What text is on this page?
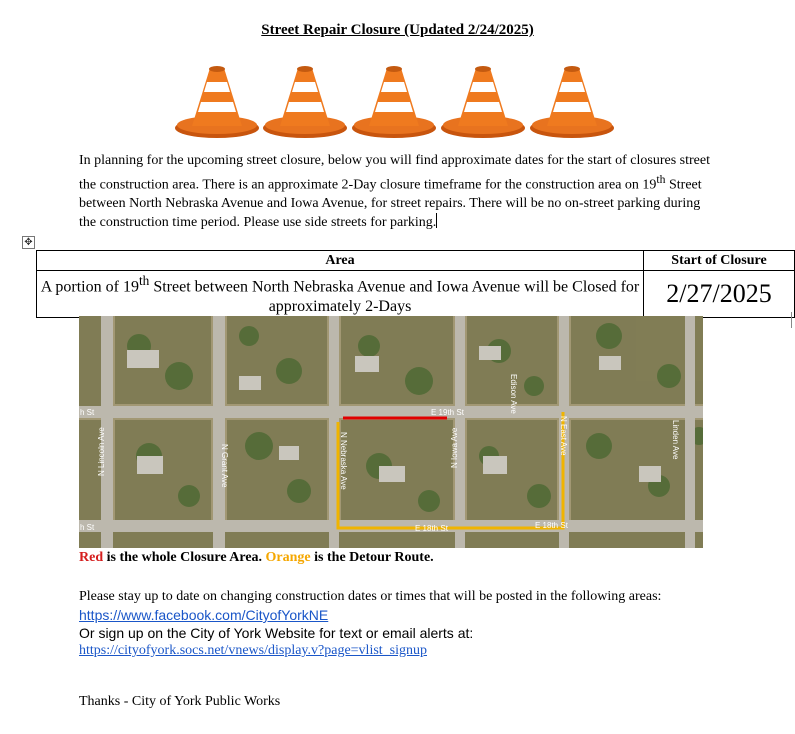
Street Repair Closure (Updated 2/24/2025)
In planning for the upcoming street closure, below you will find approximate dates for the start of closures street the construction area. There is an approximate 2-Day closure timeframe for the construction area on 19th Street between North Nebraska Avenue and Iowa Avenue, for street repairs. There will be no on-street parking during the construction time period. Please use side streets for parking.
✥
Area	Start of Closure
A portion of 19th Street between North Nebraska Avenue and Iowa Avenue will be Closed for approximately 2-Days	2/27/2025
E 19th St
h St
h St	E 18th St	E 18th St
N Lincoln Ave	N Grant Ave	N Nebraska Ave	N Iowa Ave
Edison Ave
N East Ave	Linden Ave
Red is the whole Closure Area. Orange is the Detour Route.
Please stay up to date on changing construction dates or times that will be posted in the following areas:
https://www.facebook.com/CityofYorkNE
Or sign up on the City of York Website for text or email alerts at:
https://cityofyork.socs.net/vnews/display.v?page=vlist_signup
Thanks - City of York Public Works
